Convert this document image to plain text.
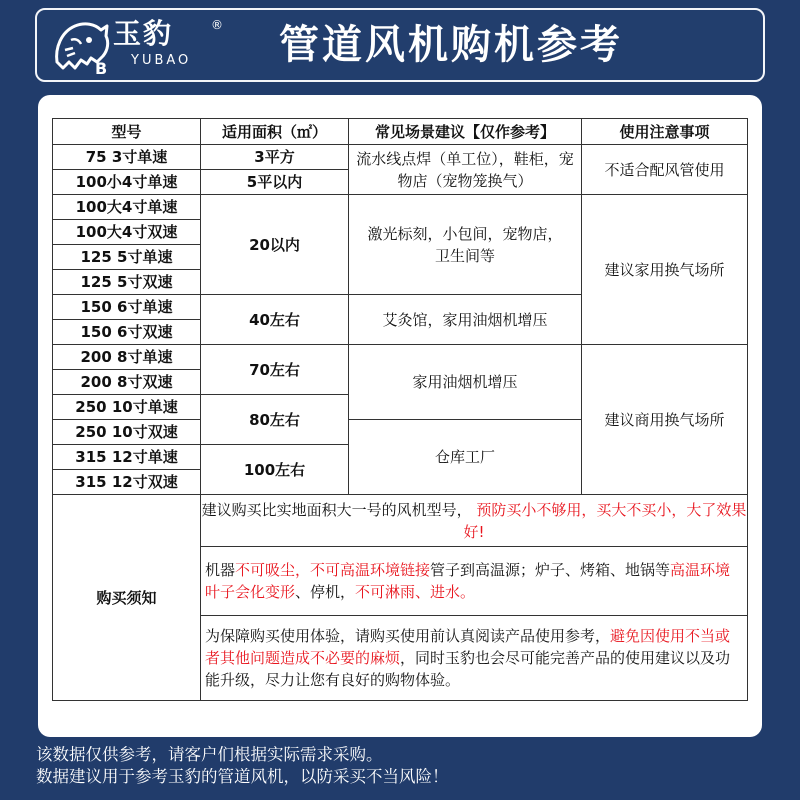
B
玉豹	®
YUBAO 管道风机购机参考
型号	适用面积（㎡）	常见场景建议【仅作参考】	使用注意事项
75 3寸单速	3平方	流水线点焊（单工位），鞋柜，宠物店（宠物笼换气）	不适合配风管使用
100小4寸单速	5平以内		
100大4寸单速	20以内	激光标刻，小包间，宠物店，卫生间等	建议家用换气场所
100大4寸双速			
125 5寸单速			
125 5寸双速			
150 6寸单速	40左右	艾灸馆，家用油烟机增压	
150 6寸双速			
200 8寸单速	70左右	家用油烟机增压	建议商用换气场所
200 8寸双速			
250 10寸单速	80左右		
250 10寸双速		仓库工厂	
315 12寸单速	100左右		
315 12寸双速			
购买须知	建议购买比实地面积大一号的风机型号， 预防买小不够用，买大不买小，大了效果好!		
	机器不可吸尘，不可高温环境链接管子到高温源；炉子、烤箱、地锅等高温环境叶子会化变形、停机，不可淋雨、进水。		
	为保障购买使用体验，请购买使用前认真阅读产品使用参考，避免因使用不当或者其他问题造成不必要的麻烦，同时玉豹也会尽可能完善产品的使用建议以及功能升级，尽力让您有良好的购物体验。		
该数据仅供参考，请客户们根据实际需求采购。
数据建议用于参考玉豹的管道风机，以防采买不当风险！
